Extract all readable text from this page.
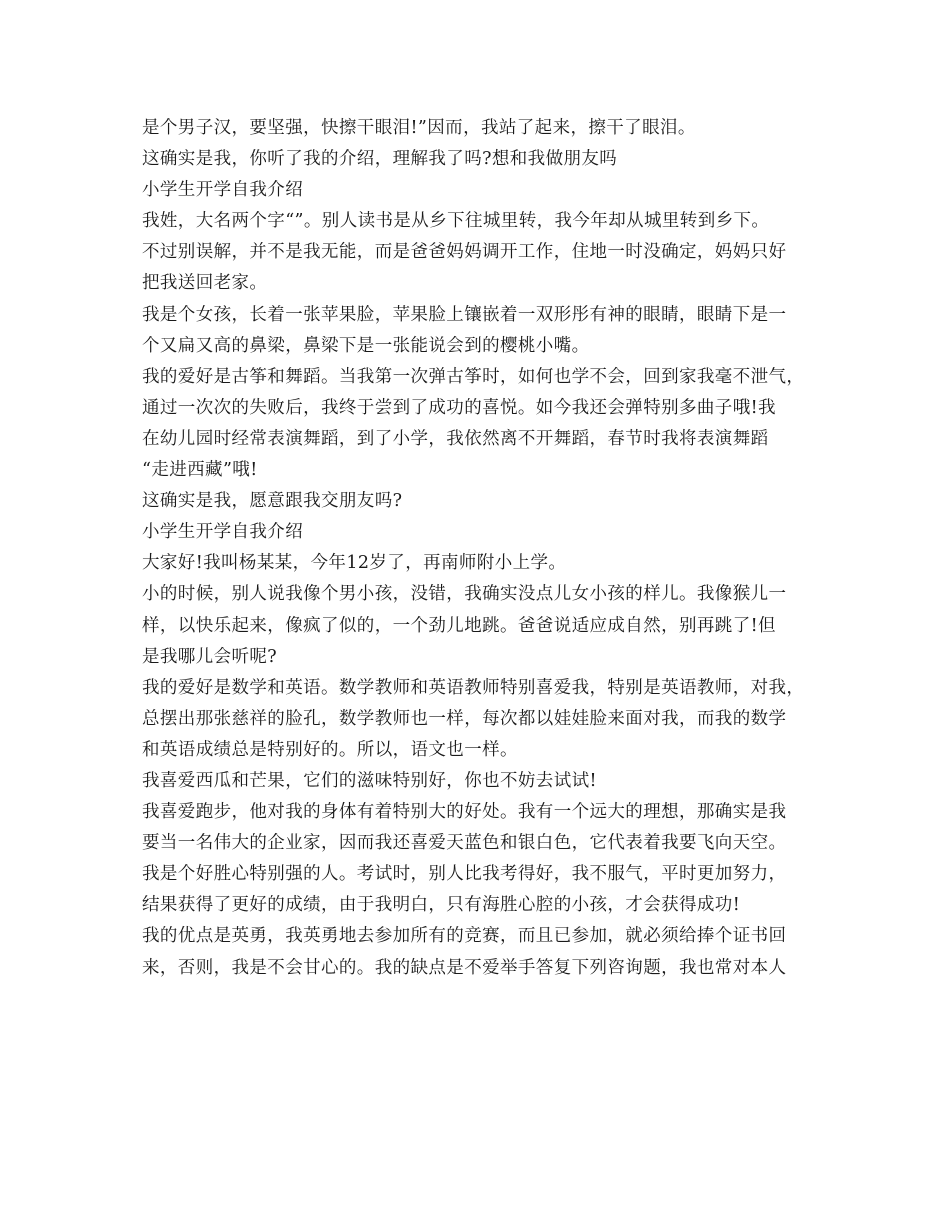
是个男子汉，要坚强，快擦干眼泪!”因而，我站了起来，擦干了眼泪。
这确实是我，你听了我的介绍，理解我了吗?想和我做朋友吗
小学生开学自我介绍
我姓，大名两个字“”。别人读书是从乡下往城里转，我今年却从城里转到乡下。
不过别误解，并不是我无能，而是爸爸妈妈调开工作，住地一时没确定，妈妈只好
把我送回老家。
我是个女孩，长着一张苹果脸，苹果脸上镶嵌着一双形彤有神的眼睛，眼睛下是一
个又扁又高的鼻梁，鼻梁下是一张能说会到的樱桃小嘴。
我的爱好是古筝和舞蹈。当我第一次弹古筝时，如何也学不会，回到家我毫不泄气，
通过一次次的失败后，我终于尝到了成功的喜悦。如今我还会弹特别多曲子哦!我
在幼儿园时经常表演舞蹈，到了小学，我依然离不开舞蹈，春节时我将表演舞蹈
“走进西藏”哦!
这确实是我，愿意跟我交朋友吗?
小学生开学自我介绍
大家好!我叫杨某某，今年12岁了，再南师附小上学。
小的时候，别人说我像个男小孩，没错，我确实没点儿女小孩的样儿。我像猴儿一
样，以快乐起来，像疯了似的，一个劲儿地跳。爸爸说适应成自然，别再跳了!但
是我哪儿会听呢?
我的爱好是数学和英语。数学教师和英语教师特别喜爱我，特别是英语教师，对我，
总摆出那张慈祥的脸孔，数学教师也一样，每次都以娃娃脸来面对我，而我的数学
和英语成绩总是特别好的。所以，语文也一样。
我喜爱西瓜和芒果，它们的滋味特别好，你也不妨去试试!
我喜爱跑步，他对我的身体有着特别大的好处。我有一个远大的理想，那确实是我
要当一名伟大的企业家，因而我还喜爱天蓝色和银白色，它代表着我要飞向天空。
我是个好胜心特别强的人。考试时，别人比我考得好，我不服气，平时更加努力，
结果获得了更好的成绩，由于我明白，只有海胜心腔的小孩，才会获得成功!
我的优点是英勇，我英勇地去参加所有的竞赛，而且已参加，就必须给捧个证书回
来，否则，我是不会甘心的。我的缺点是不爱举手答复下列咨询题，我也常对本人
